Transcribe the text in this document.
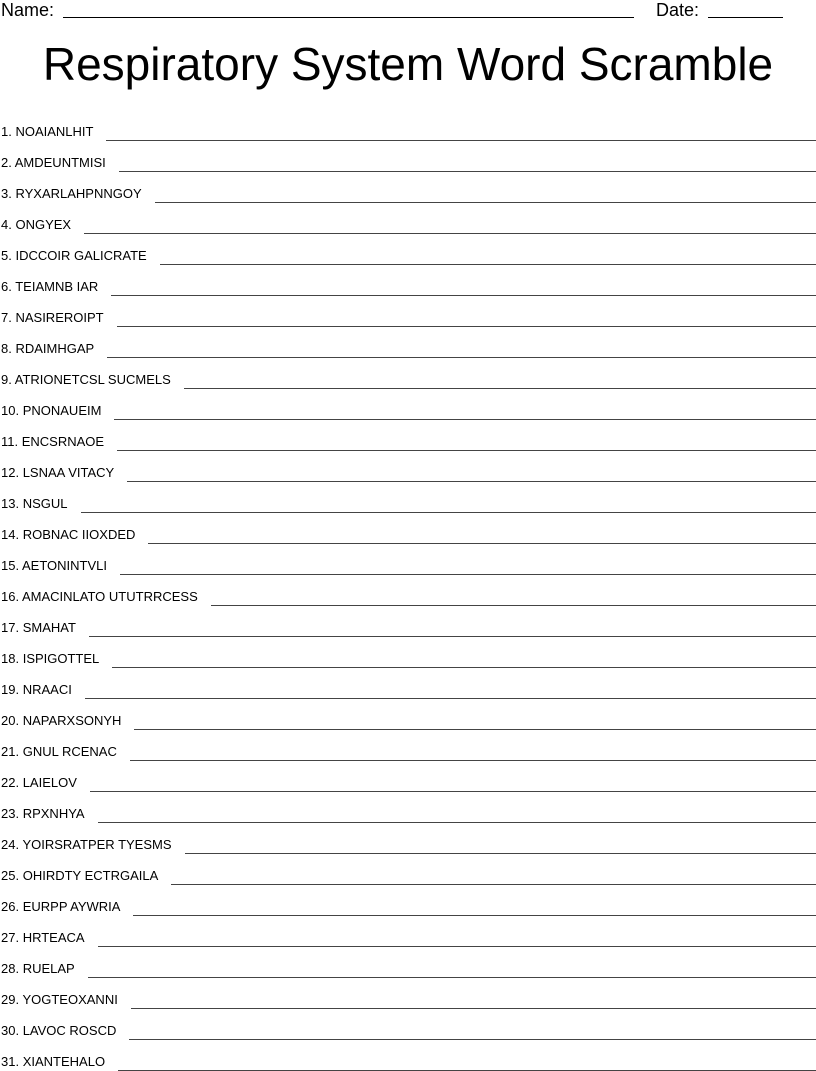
Name:	Date:
Respiratory System Word Scramble
1. NOAIANLHIT
2. AMDEUNTMISI
3. RYXARLAHPNNGOY
4. ONGYEX
5. IDCCOIR GALICRATE
6. TEIAMNB IAR
7. NASIREROIPT
8. RDAIMHGAP
9. ATRIONETCSL SUCMELS
10. PNONAUEIM
11. ENCSRNAOE
12. LSNAA VITACY
13. NSGUL
14. ROBNAC IIOXDED
15. AETONINTVLI
16. AMACINLATO UTUTRRCESS
17. SMAHAT
18. ISPIGOTTEL
19. NRAACI
20. NAPARXSONYH
21. GNUL RCENAC
22. LAIELOV
23. RPXNHYA
24. YOIRSRATPER TYESMS
25. OHIRDTY ECTRGAILA
26. EURPP AYWRIA
27. HRTEACA
28. RUELAP
29. YOGTEOXANNI
30. LAVOC ROSCD
31. XIANTEHALO
